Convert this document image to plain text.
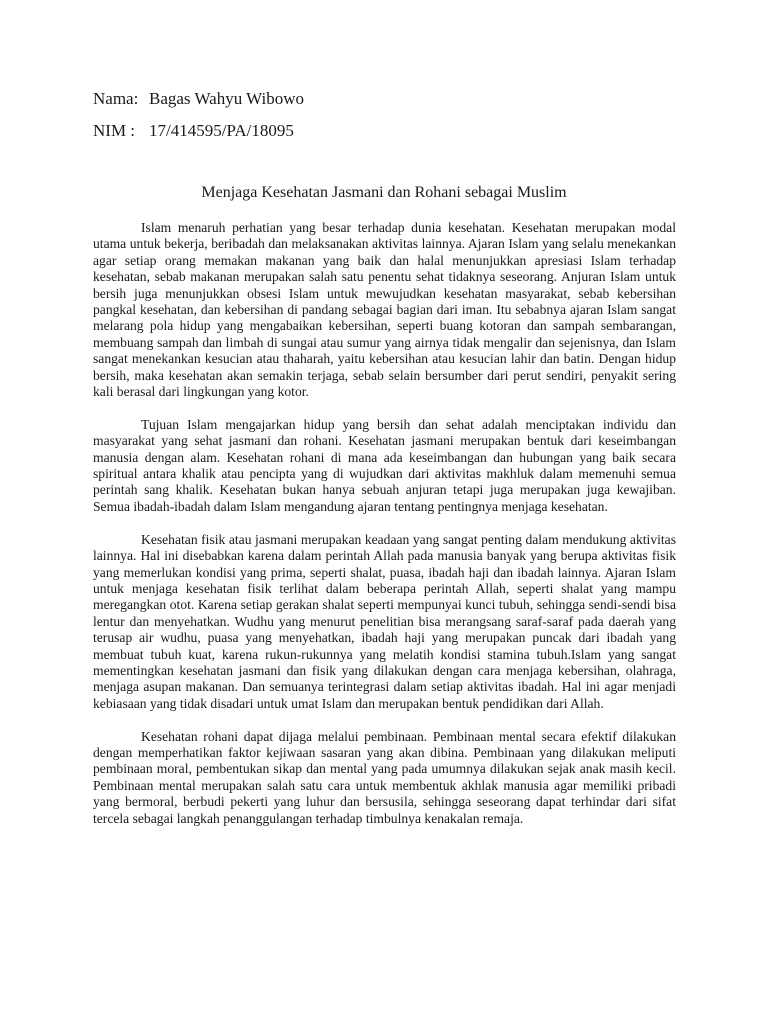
Nama: Bagas Wahyu Wibowo
NIM : 17/414595/PA/18095
Menjaga Kesehatan Jasmani dan Rohani sebagai Muslim

Islam menaruh perhatian yang besar terhadap dunia kesehatan. Kesehatan merupakan modal utama untuk bekerja, beribadah dan melaksanakan aktivitas lainnya. Ajaran Islam yang selalu menekankan agar setiap orang memakan makanan yang baik dan halal menunjukkan apresiasi Islam terhadap kesehatan, sebab makanan merupakan salah satu penentu sehat tidaknya seseorang. Anjuran Islam untuk bersih juga menunjukkan obsesi Islam untuk mewujudkan kesehatan masyarakat, sebab kebersihan pangkal kesehatan, dan kebersihan di pandang sebagai bagian dari iman. Itu sebabnya ajaran Islam sangat melarang pola hidup yang mengabaikan kebersihan, seperti buang kotoran dan sampah sembarangan, membuang sampah dan limbah di sungai atau sumur yang airnya tidak mengalir dan sejenisnya, dan Islam sangat menekankan kesucian atau thaharah, yaitu kebersihan atau kesucian lahir dan batin. Dengan hidup bersih, maka kesehatan akan semakin terjaga, sebab selain bersumber dari perut sendiri, penyakit sering kali berasal dari lingkungan yang kotor.

Tujuan Islam mengajarkan hidup yang bersih dan sehat adalah menciptakan individu dan masyarakat yang sehat jasmani dan rohani. Kesehatan jasmani merupakan bentuk dari keseimbangan manusia dengan alam. Kesehatan rohani di mana ada keseimbangan dan hubungan yang baik secara spiritual antara khalik atau pencipta yang di wujudkan dari aktivitas makhluk dalam memenuhi semua perintah sang khalik. Kesehatan bukan hanya sebuah anjuran tetapi juga merupakan juga kewajiban. Semua ibadah-ibadah dalam Islam mengandung ajaran tentang pentingnya menjaga kesehatan.

Kesehatan fisik atau jasmani merupakan keadaan yang sangat penting dalam mendukung aktivitas lainnya. Hal ini disebabkan karena dalam perintah Allah pada manusia banyak yang berupa aktivitas fisik yang memerlukan kondisi yang prima, seperti shalat, puasa, ibadah haji dan ibadah lainnya. Ajaran Islam untuk menjaga kesehatan fisik terlihat dalam beberapa perintah Allah, seperti shalat yang mampu meregangkan otot. Karena setiap gerakan shalat seperti mempunyai kunci tubuh, sehingga sendi-sendi bisa lentur dan menyehatkan. Wudhu yang menurut penelitian bisa merangsang saraf-saraf pada daerah yang terusap air wudhu, puasa yang menyehatkan, ibadah haji yang merupakan puncak dari ibadah yang membuat tubuh kuat, karena rukun-rukunnya yang melatih kondisi stamina tubuh.Islam yang sangat mementingkan kesehatan jasmani dan fisik yang dilakukan dengan cara menjaga kebersihan, olahraga, menjaga asupan makanan. Dan semuanya terintegrasi dalam setiap aktivitas ibadah. Hal ini agar menjadi kebiasaan yang tidak disadari untuk umat Islam dan merupakan bentuk pendidikan dari Allah.

Kesehatan rohani dapat dijaga melalui pembinaan. Pembinaan mental secara efektif dilakukan dengan memperhatikan faktor kejiwaan sasaran yang akan dibina. Pembinaan yang dilakukan meliputi pembinaan moral, pembentukan sikap dan mental yang pada umumnya dilakukan sejak anak masih kecil. Pembinaan mental merupakan salah satu cara untuk membentuk akhlak manusia agar memiliki pribadi yang bermoral, berbudi pekerti yang luhur dan bersusila, sehingga seseorang dapat terhindar dari sifat tercela sebagai langkah penanggulangan terhadap timbulnya kenakalan remaja.
